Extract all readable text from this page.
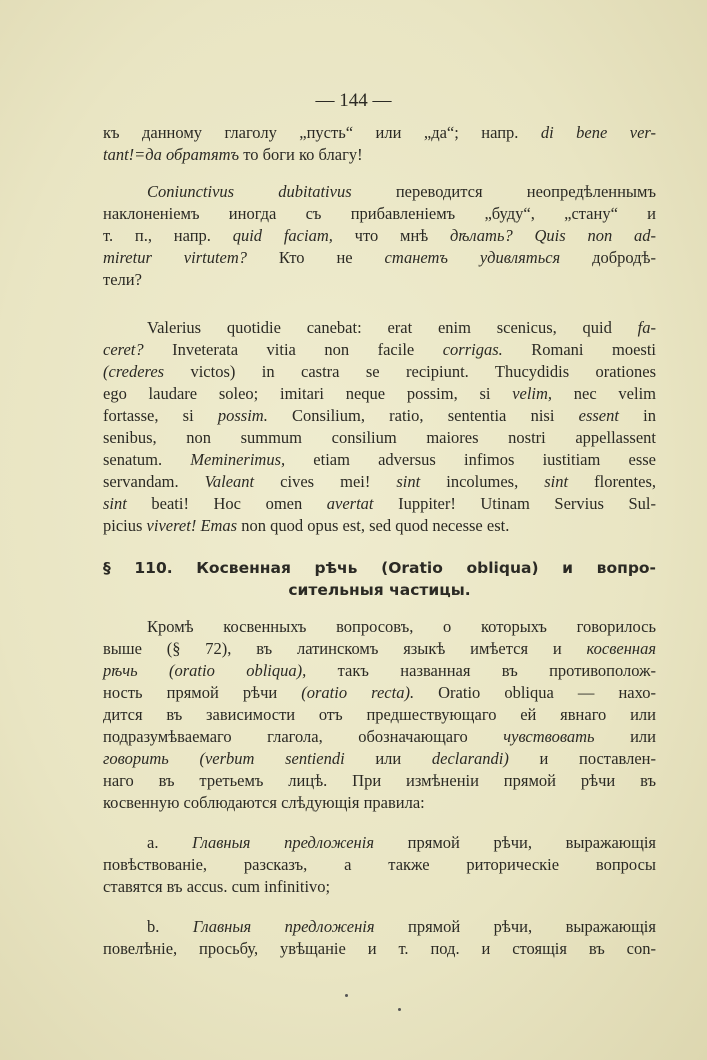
— 144 —
къ данному глаголу „пусть“ или „да“; напр. di bene ver-
tant!=да обратятъ то боги ко благу!
Coniunctivus dubitativus переводится неопредѣленнымъ
наклоненіемъ иногда съ прибавленіемъ „буду“, „стану“ и
т. п., напр. quid faciam, что мнѣ дѣлать? Quis non ad-
miretur virtutem? Кто не станетъ удивляться добродѣ-
тели?
Valerius quotidie canebat: erat enim scenicus, quid fa-
ceret? Inveterata vitia non facile corrigas. Romani moesti
(crederes victos) in castra se recipiunt. Thucydidis orationes
ego laudare soleo; imitari neque possim, si velim, nec velim
fortasse, si possim. Consilium, ratio, sententia nisi essent in
senibus, non summum consilium maiores nostri appellassent
senatum. Meminerimus, etiam adversus infimos iustitiam esse
servandam. Valeant cives mei! sint incolumes, sint florentes,
sint beati! Hoc omen avertat Iuppiter! Utinam Servius Sul-
picius viveret! Emas non quod opus est, sed quod necesse est.
§ 110. Косвенная рѣчь (Oratio obliqua) и вопро-
сительныя частицы.
Кромѣ косвенныхъ вопросовъ, о которыхъ говорилось
выше (§ 72), въ латинскомъ языкѣ имѣется и косвенная
рѣчь (oratio obliqua), такъ названная въ противополож-
ность прямой рѣчи (oratio recta). Oratio obliqua — нахо-
дится въ зависимости отъ предшествующаго ей явнаго или
подразумѣваемаго глагола, обозначающаго чувствовать или
говорить (verbum sentiendi или declarandi) и поставлен-
наго въ третьемъ лицѣ. При измѣненіи прямой рѣчи въ
косвенную соблюдаются слѣдующія правила:
a. Главныя предложенія прямой рѣчи, выражающія
повѣствованіе, разсказъ, а также риторическіе вопросы
ставятся въ accus. cum infinitivo;
b. Главныя предложенія прямой рѣчи, выражающія
повелѣніе, просьбу, увѣщаніе и т. под. и стоящія въ con-
